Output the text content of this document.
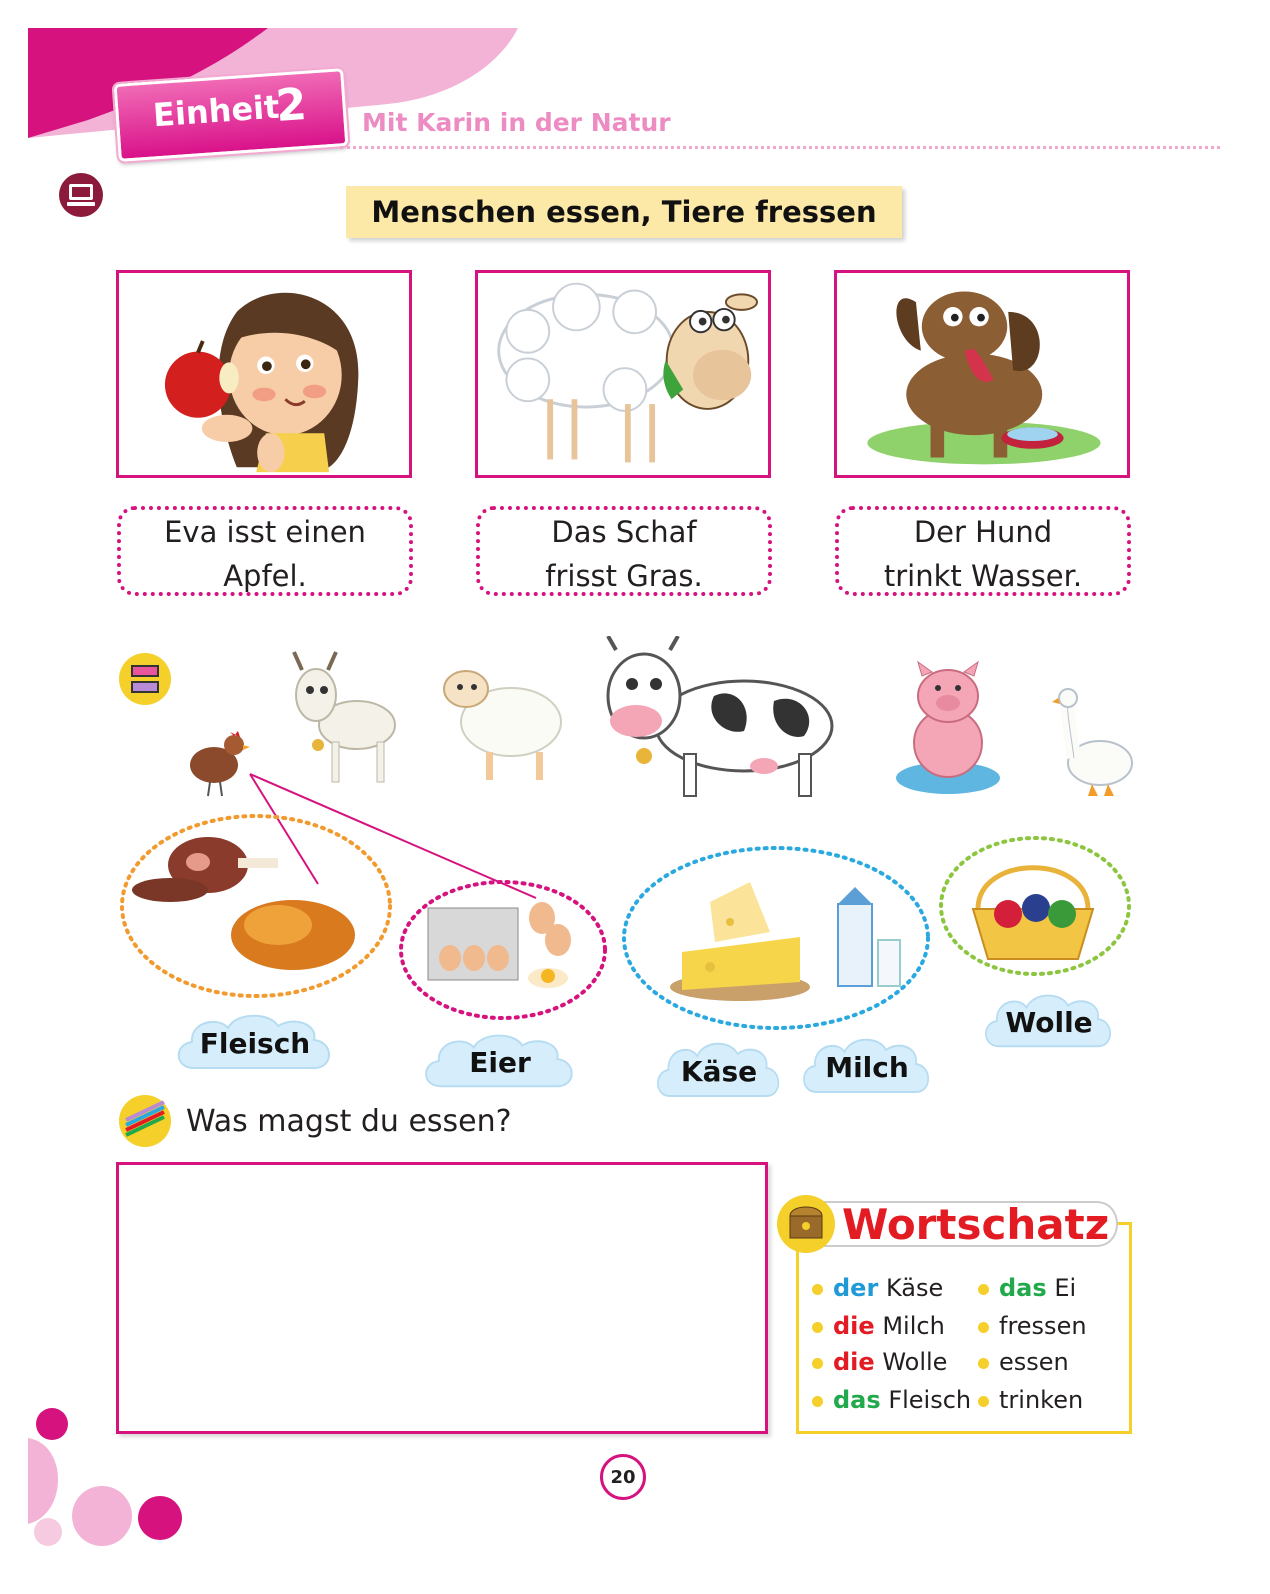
Einheit
2 Mit Karin in der Natur
Menschen essen, Tiere fressen
Eva isst einen
Apfel.
Das Schaf
frisst Gras.
Der Hund
trinkt Wasser.
Fleisch
Eier	Käse Milch
Wolle
Was magst du essen?
Wortschatz
der Käse
die Milch
die Wolle
das Fleisch
das Ei
fressen
essen
trinken
20
